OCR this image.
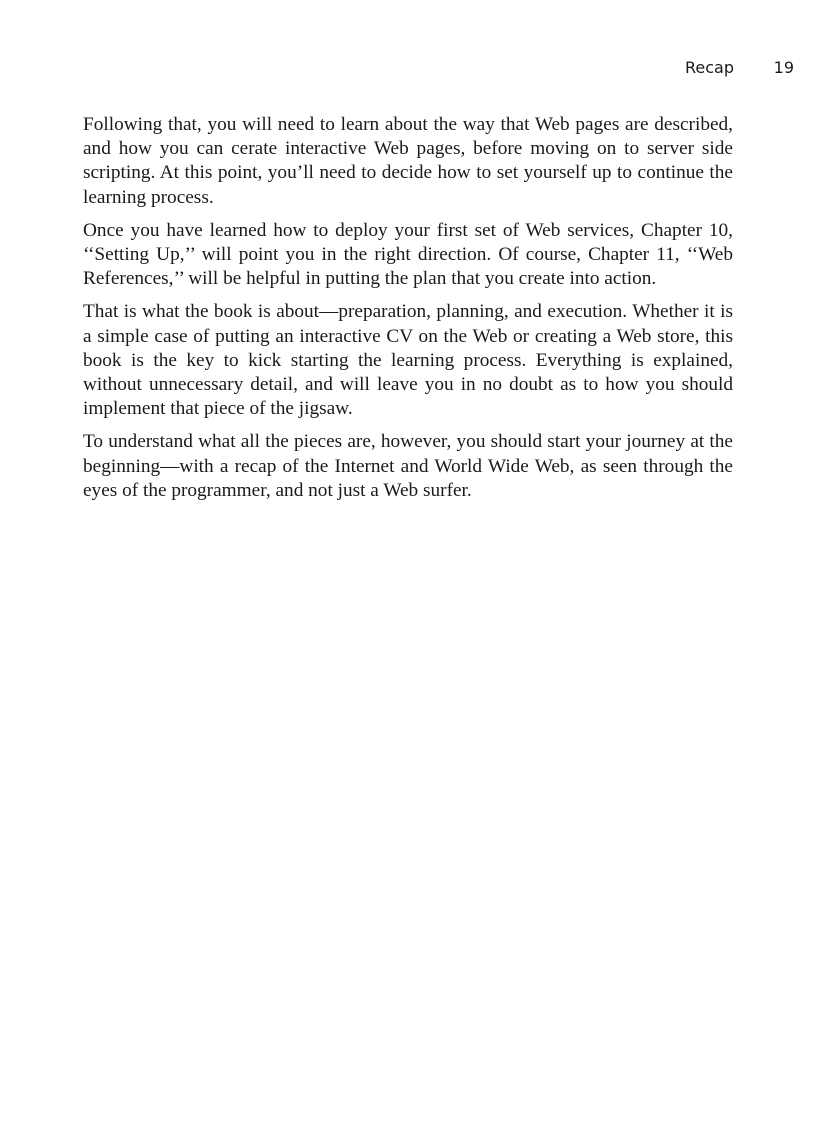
Recap 19

Following that, you will need to learn about the way that Web pages are described, and how you can cerate interactive Web pages, before moving on to server side scripting. At this point, you’ll need to decide how to set yourself up to continue the learning process.

Once you have learned how to deploy your first set of Web services, Chapter 10, ‘‘Setting Up,’’ will point you in the right direction. Of course, Chapter 11, ‘‘Web References,’’ will be helpful in putting the plan that you create into action.

That is what the book is about—preparation, planning, and execution. Whether it is a simple case of putting an interactive CV on the Web or creating a Web store, this book is the key to kick starting the learning process. Everything is explained, without unnecessary detail, and will leave you in no doubt as to how you should implement that piece of the jigsaw.

To understand what all the pieces are, however, you should start your journey at the beginning—with a recap of the Internet and World Wide Web, as seen through the eyes of the programmer, and not just a Web surfer.
